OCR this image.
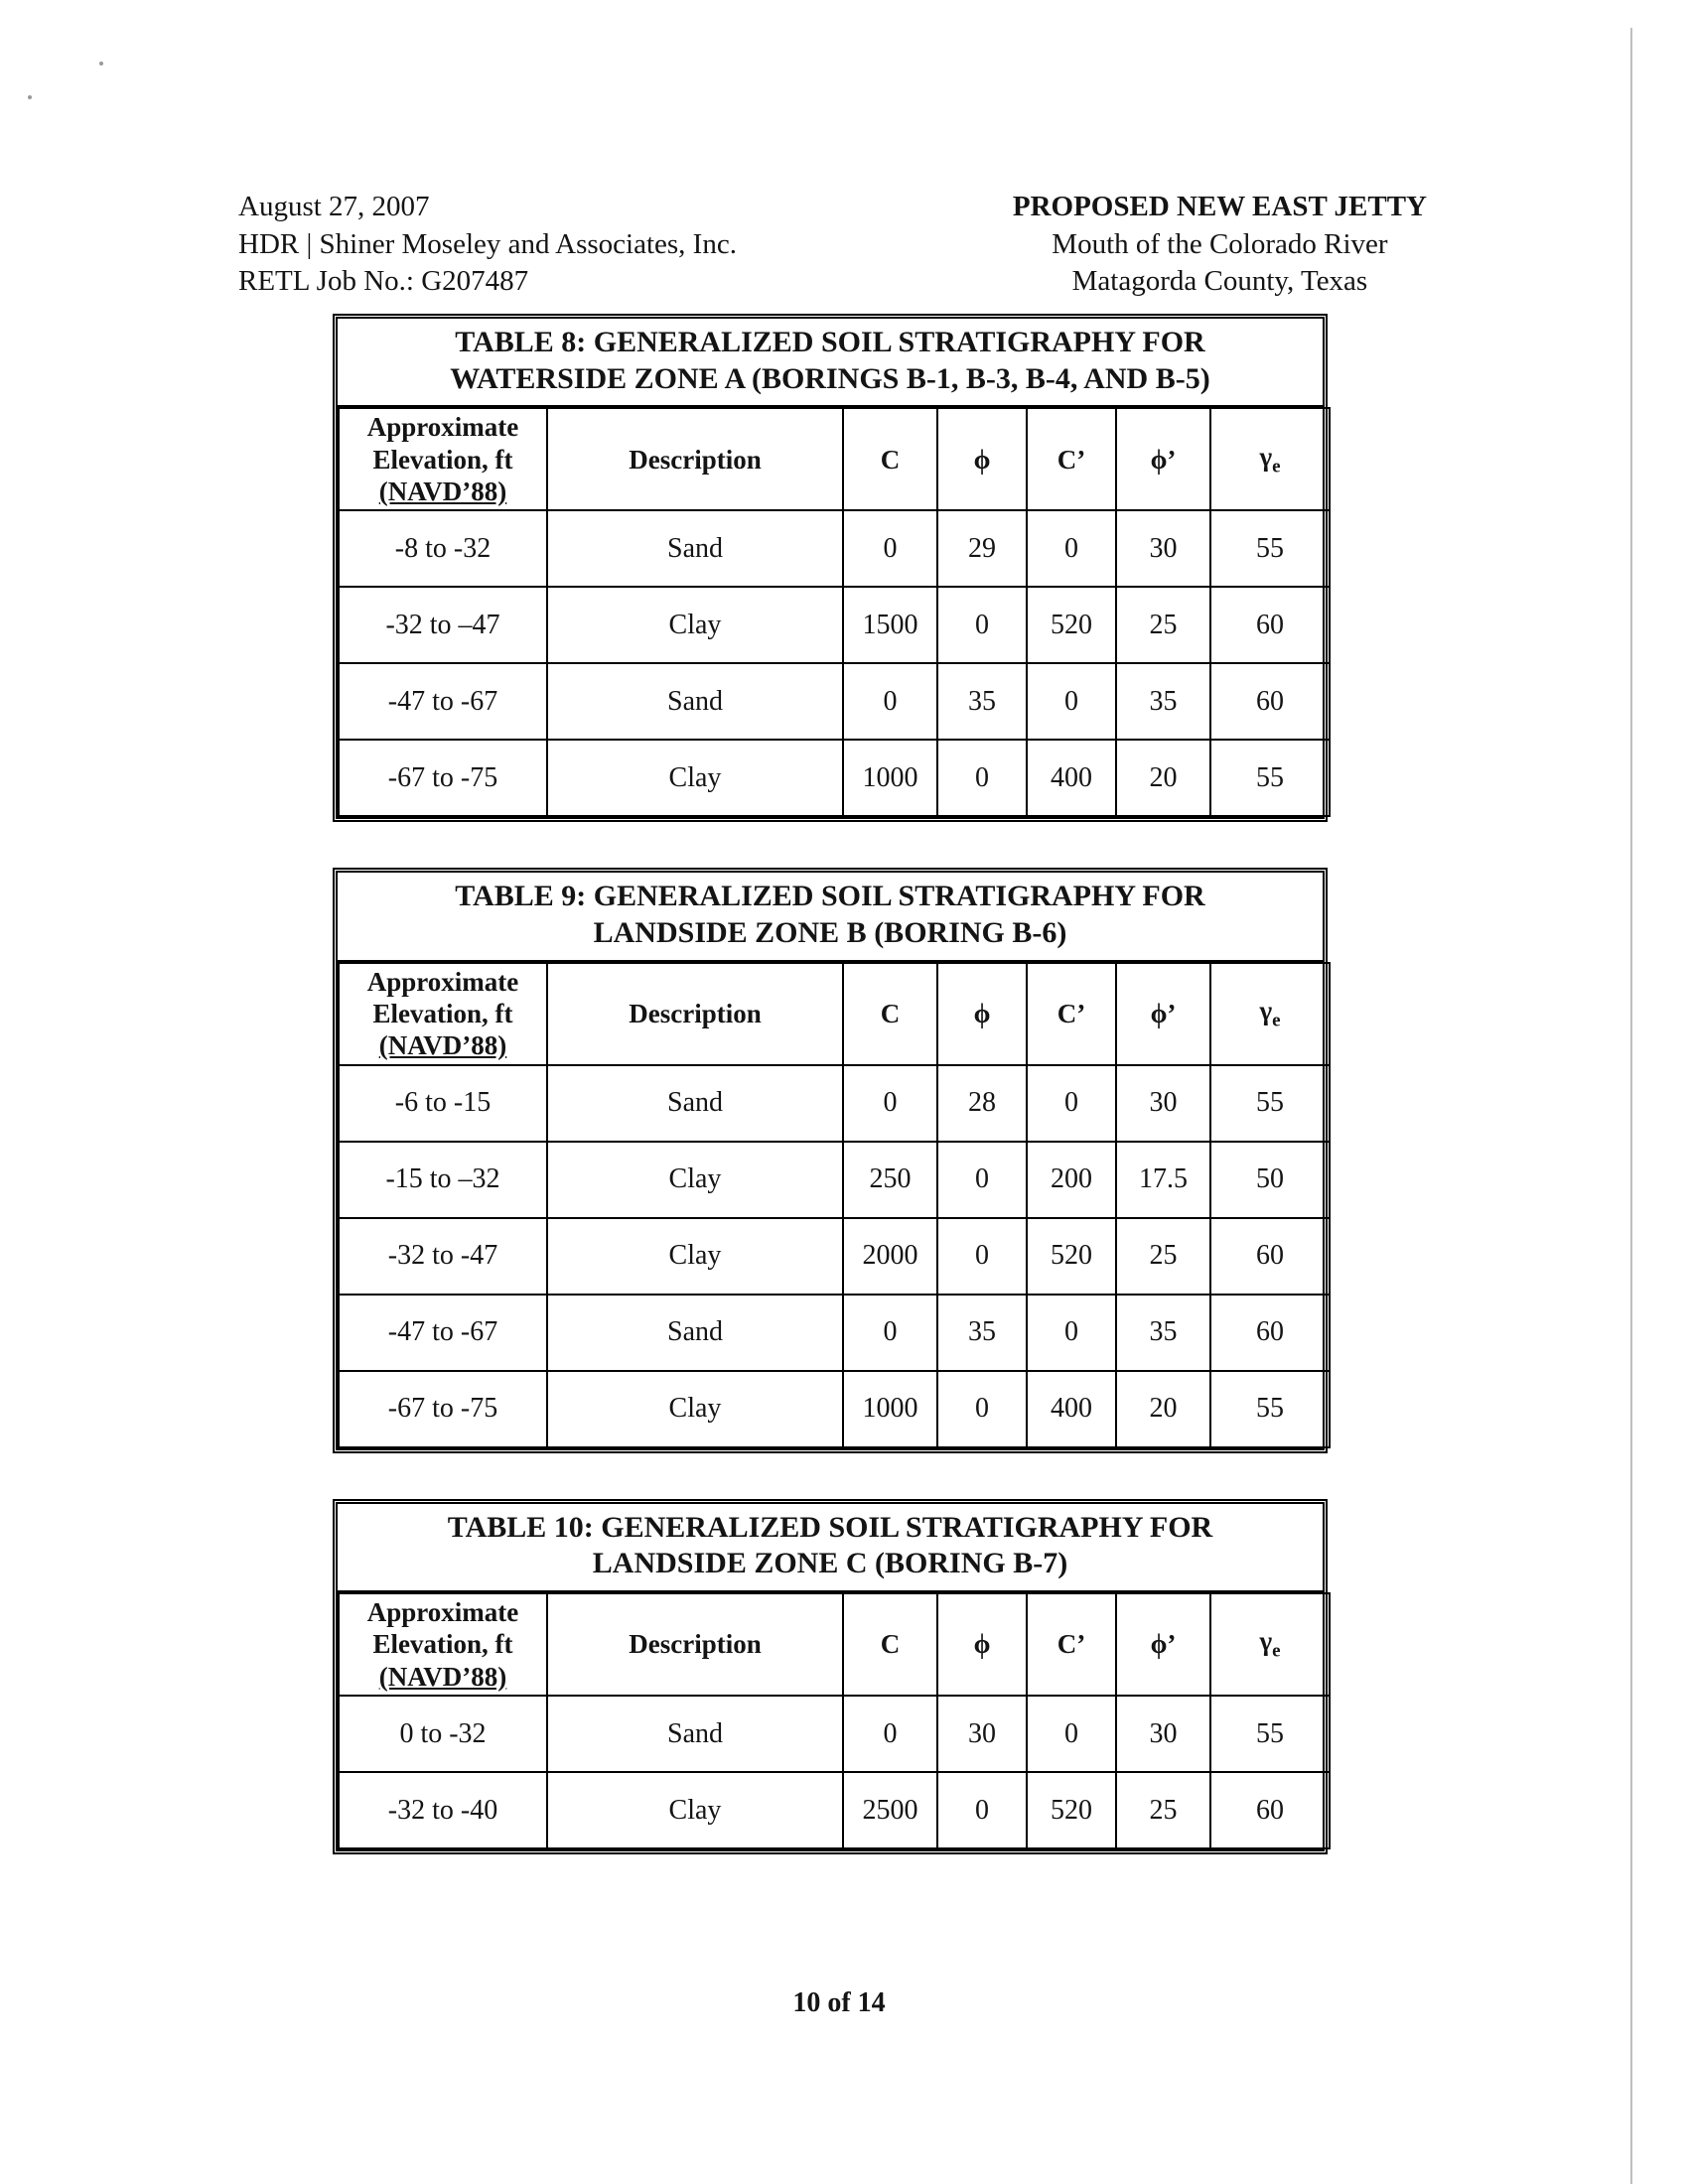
August 27, 2007
HDR | Shiner Moseley and Associates, Inc.
RETL Job No.: G207487
PROPOSED NEW EAST JETTY
Mouth of the Colorado River
Matagorda County, Texas
TABLE 8: GENERALIZED SOIL STRATIGRAPHY FOR
WATERSIDE ZONE A (BORINGS B-1, B-3, B-4, AND B-5)
Approximate
Elevation, ft
(NAVD’88)	Description	C	ϕ	C’	ϕ’	$\gamma_e$
-8 to -32	Sand	0	29	0	30	55
-32 to –47	Clay	1500	0	520	25	60
-47 to -67	Sand	0	35	0	35	60
-67 to -75	Clay	1000	0	400	20	55
TABLE 9: GENERALIZED SOIL STRATIGRAPHY FOR
LANDSIDE ZONE B (BORING B-6)
Approximate
Elevation, ft
(NAVD’88)	Description	C	ϕ	C’	ϕ’	$\gamma_e$
-6 to -15	Sand	0	28	0	30	55
-15 to –32	Clay	250	0	200	17.5	50
-32 to -47	Clay	2000	0	520	25	60
-47 to -67	Sand	0	35	0	35	60
-67 to -75	Clay	1000	0	400	20	55
TABLE 10: GENERALIZED SOIL STRATIGRAPHY FOR
LANDSIDE ZONE C (BORING B-7)
Approximate
Elevation, ft
(NAVD’88)	Description	C	ϕ	C’	ϕ’	$\gamma_e$
0 to -32	Sand	0	30	0	30	55
-32 to -40	Clay	2500	0	520	25	60
10 of 14
